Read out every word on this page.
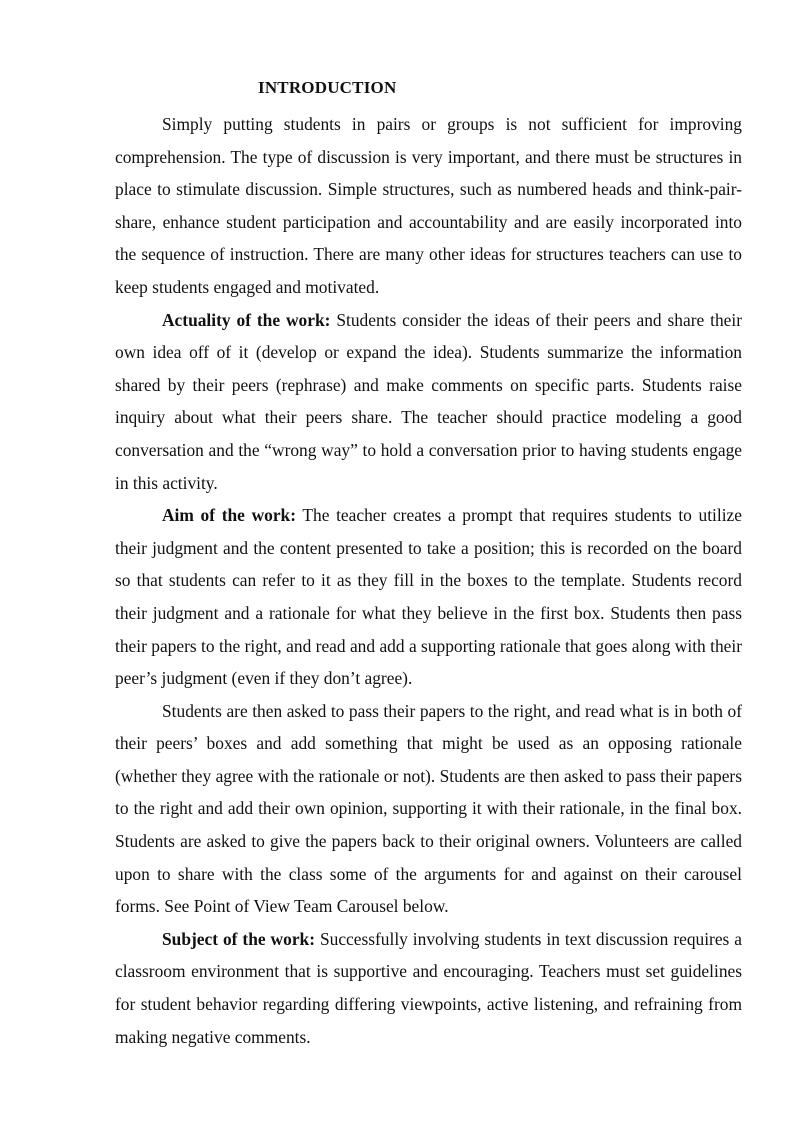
INTRODUCTION

Simply putting students in pairs or groups is not sufficient for improving comprehension. The type of discussion is very important, and there must be structures in place to stimulate discussion. Simple structures, such as numbered heads and think-pair-share, enhance student participation and accountability and are easily incorporated into the sequence of instruction. There are many other ideas for structures teachers can use to keep students engaged and motivated.

Actuality of the work: Students consider the ideas of their peers and share their own idea off of it (develop or expand the idea). Students summarize the information shared by their peers (rephrase) and make comments on specific parts. Students raise inquiry about what their peers share. The teacher should practice modeling a good conversation and the “wrong way” to hold a conversation prior to having students engage in this activity.

Aim of the work: The teacher creates a prompt that requires students to utilize their judgment and the content presented to take a position; this is recorded on the board so that students can refer to it as they fill in the boxes to the template. Students record their judgment and a rationale for what they believe in the first box. Students then pass their papers to the right, and read and add a supporting rationale that goes along with their peer’s judgment (even if they don’t agree).

Students are then asked to pass their papers to the right, and read what is in both of their peers’ boxes and add something that might be used as an opposing rationale (whether they agree with the rationale or not). Students are then asked to pass their papers to the right and add their own opinion, supporting it with their rationale, in the final box. Students are asked to give the papers back to their original owners. Volunteers are called upon to share with the class some of the arguments for and against on their carousel forms. See Point of View Team Carousel below.

Subject of the work: Successfully involving students in text discussion requires a classroom environment that is supportive and encouraging. Teachers must set guidelines for student behavior regarding differing viewpoints, active listening, and refraining from making negative comments.
